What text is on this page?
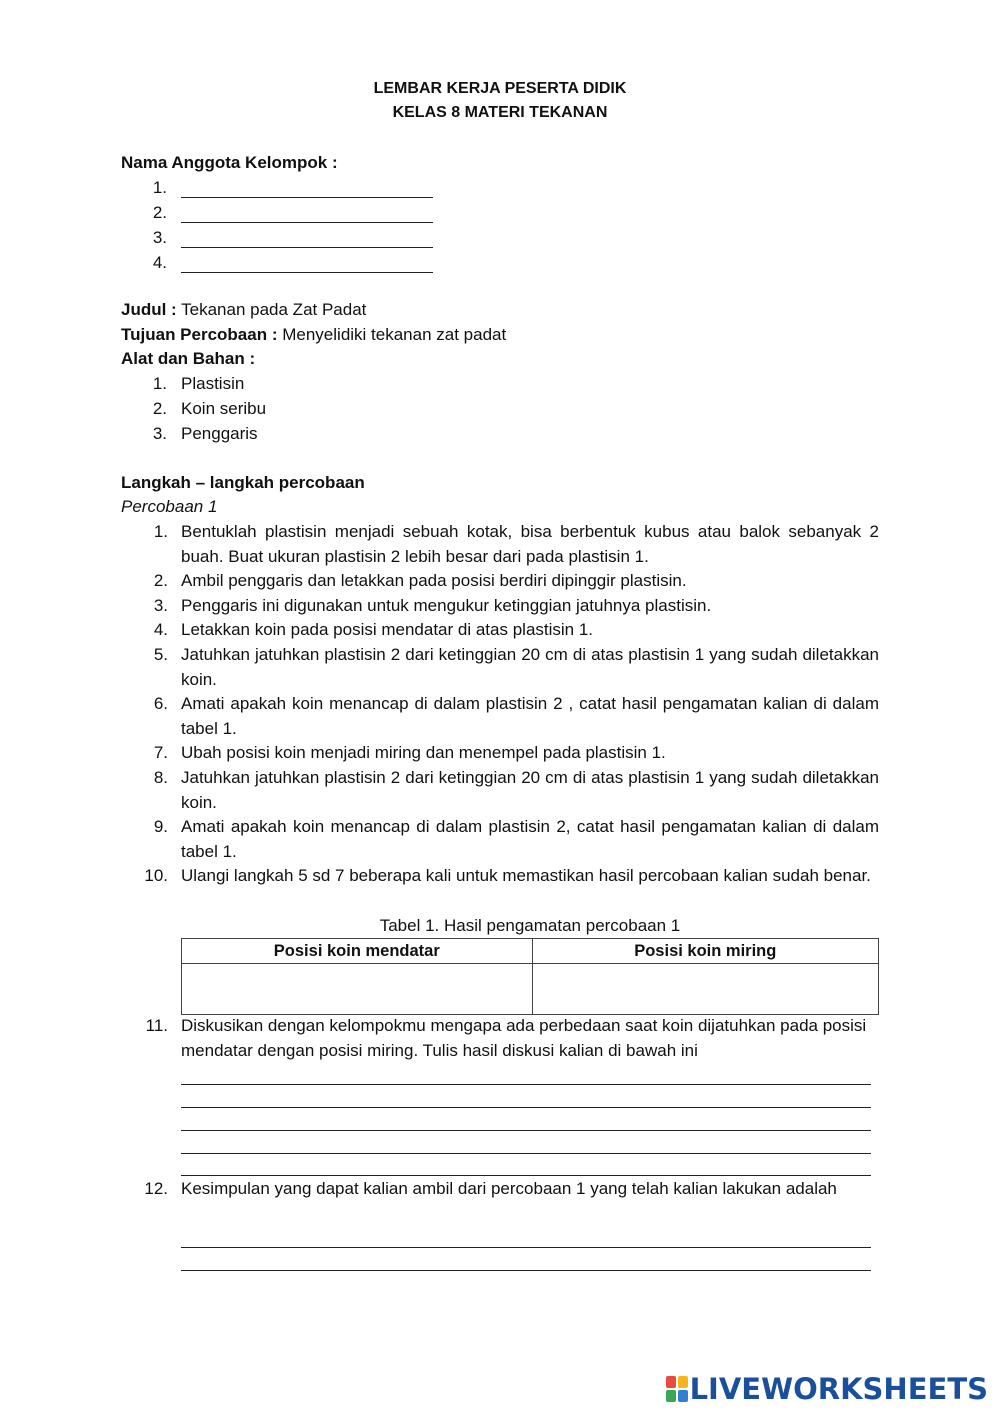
LEMBAR KERJA PESERTA DIDIK
KELAS 8 MATERI TEKANAN
Nama Anggota Kelompok :
1.
2.
3.
4.
Judul : Tekanan pada Zat Padat
Tujuan Percobaan : Menyelidiki tekanan zat padat
Alat dan Bahan :
1. Plastisin
2. Koin seribu
3. Penggaris
Langkah – langkah percobaan
Percobaan 1
1. Bentuklah plastisin menjadi sebuah kotak, bisa berbentuk kubus atau balok sebanyak 2 buah. Buat ukuran plastisin 2 lebih besar dari pada plastisin 1.
2. Ambil penggaris dan letakkan pada posisi berdiri dipinggir plastisin.
3. Penggaris ini digunakan untuk mengukur ketinggian jatuhnya plastisin.
4. Letakkan koin pada posisi mendatar di atas plastisin 1.
5. Jatuhkan jatuhkan plastisin 2 dari ketinggian 20 cm di atas plastisin 1 yang sudah diletakkan koin.
6. Amati apakah koin menancap di dalam plastisin 2 , catat hasil pengamatan kalian di dalam tabel 1.
7. Ubah posisi koin menjadi miring dan menempel pada plastisin 1.
8. Jatuhkan jatuhkan plastisin 2 dari ketinggian 20 cm di atas plastisin 1 yang sudah diletakkan koin.
9. Amati apakah koin menancap di dalam plastisin 2, catat hasil pengamatan kalian di dalam tabel 1.
10. Ulangi langkah 5 sd 7 beberapa kali untuk memastikan hasil percobaan kalian sudah benar.
Tabel 1. Hasil pengamatan percobaan 1
Posisi koin mendatar	Posisi koin miring

11. Diskusikan dengan kelompokmu mengapa ada perbedaan saat koin dijatuhkan pada posisi mendatar dengan posisi miring. Tulis hasil diskusi kalian di bawah ini
12. Kesimpulan yang dapat kalian ambil dari percobaan 1 yang telah kalian lakukan adalah
LIVEWORKSHEETS
